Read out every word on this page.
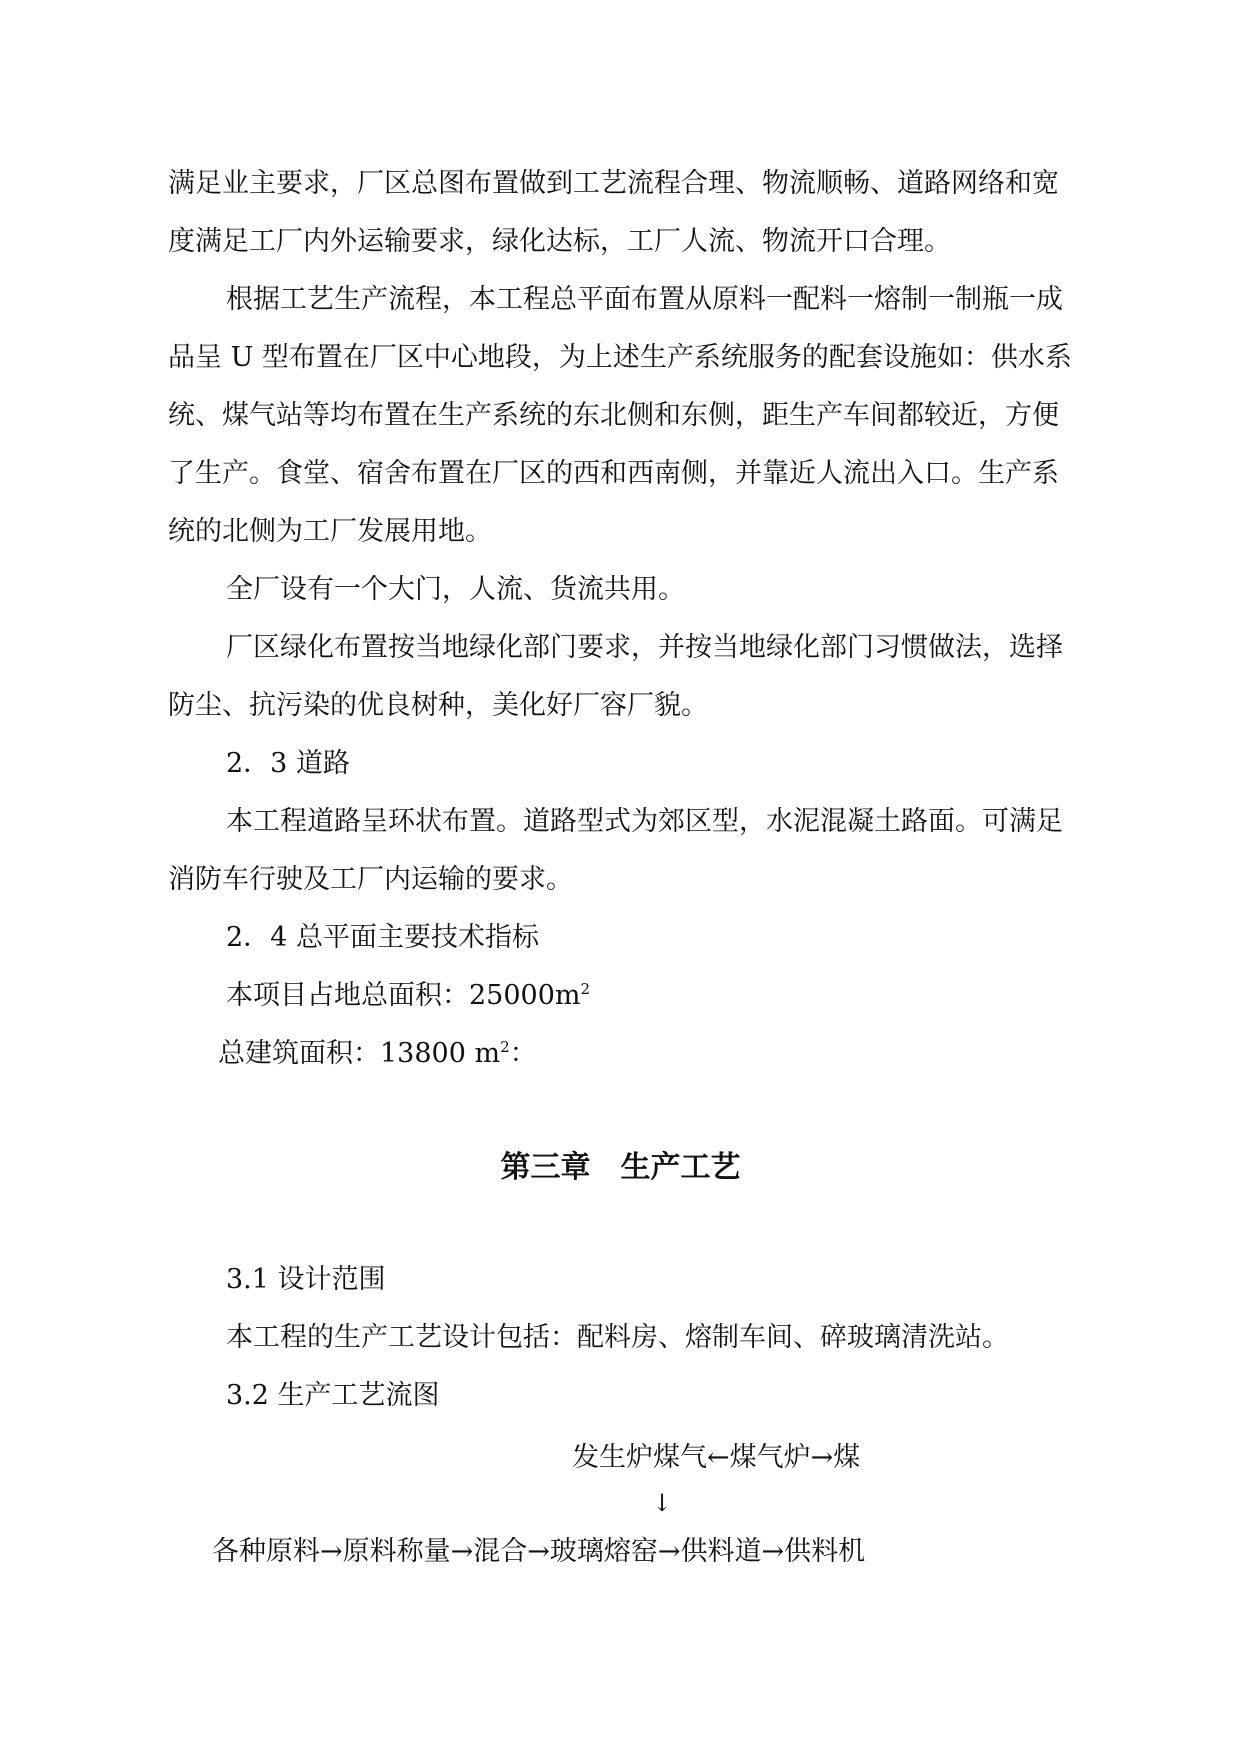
满足业主要求，厂区总图布置做到工艺流程合理、物流顺畅、道路网络和宽
度满足工厂内外运输要求，绿化达标，工厂人流、物流开口合理。
根据工艺生产流程，本工程总平面布置从原料一配料一熔制一制瓶一成
品呈 U 型布置在厂区中心地段，为上述生产系统服务的配套设施如：供水系
统、煤气站等均布置在生产系统的东北侧和东侧，距生产车间都较近，方便
了生产。食堂、宿舍布置在厂区的西和西南侧，并靠近人流出入口。生产系
统的北侧为工厂发展用地。
全厂设有一个大门，人流、货流共用。
厂区绿化布置按当地绿化部门要求，并按当地绿化部门习惯做法，选择
防尘、抗污染的优良树种，美化好厂容厂貌。
2．3 道路
本工程道路呈环状布置。道路型式为郊区型，水泥混凝土路面。可满足
消防车行驶及工厂内运输的要求。
2．4 总平面主要技术指标
本项目占地总面积：$25000m^2$
总建筑面积：13800 $m^2$：
第三章　生产工艺
3.1 设计范围
本工程的生产工艺设计包括：配料房、熔制车间、碎玻璃清洗站。
3.2 生产工艺流图
发生炉煤气←煤气炉→煤
↓
各种原料→原料称量→混合→玻璃熔窑→供料道→供料机
